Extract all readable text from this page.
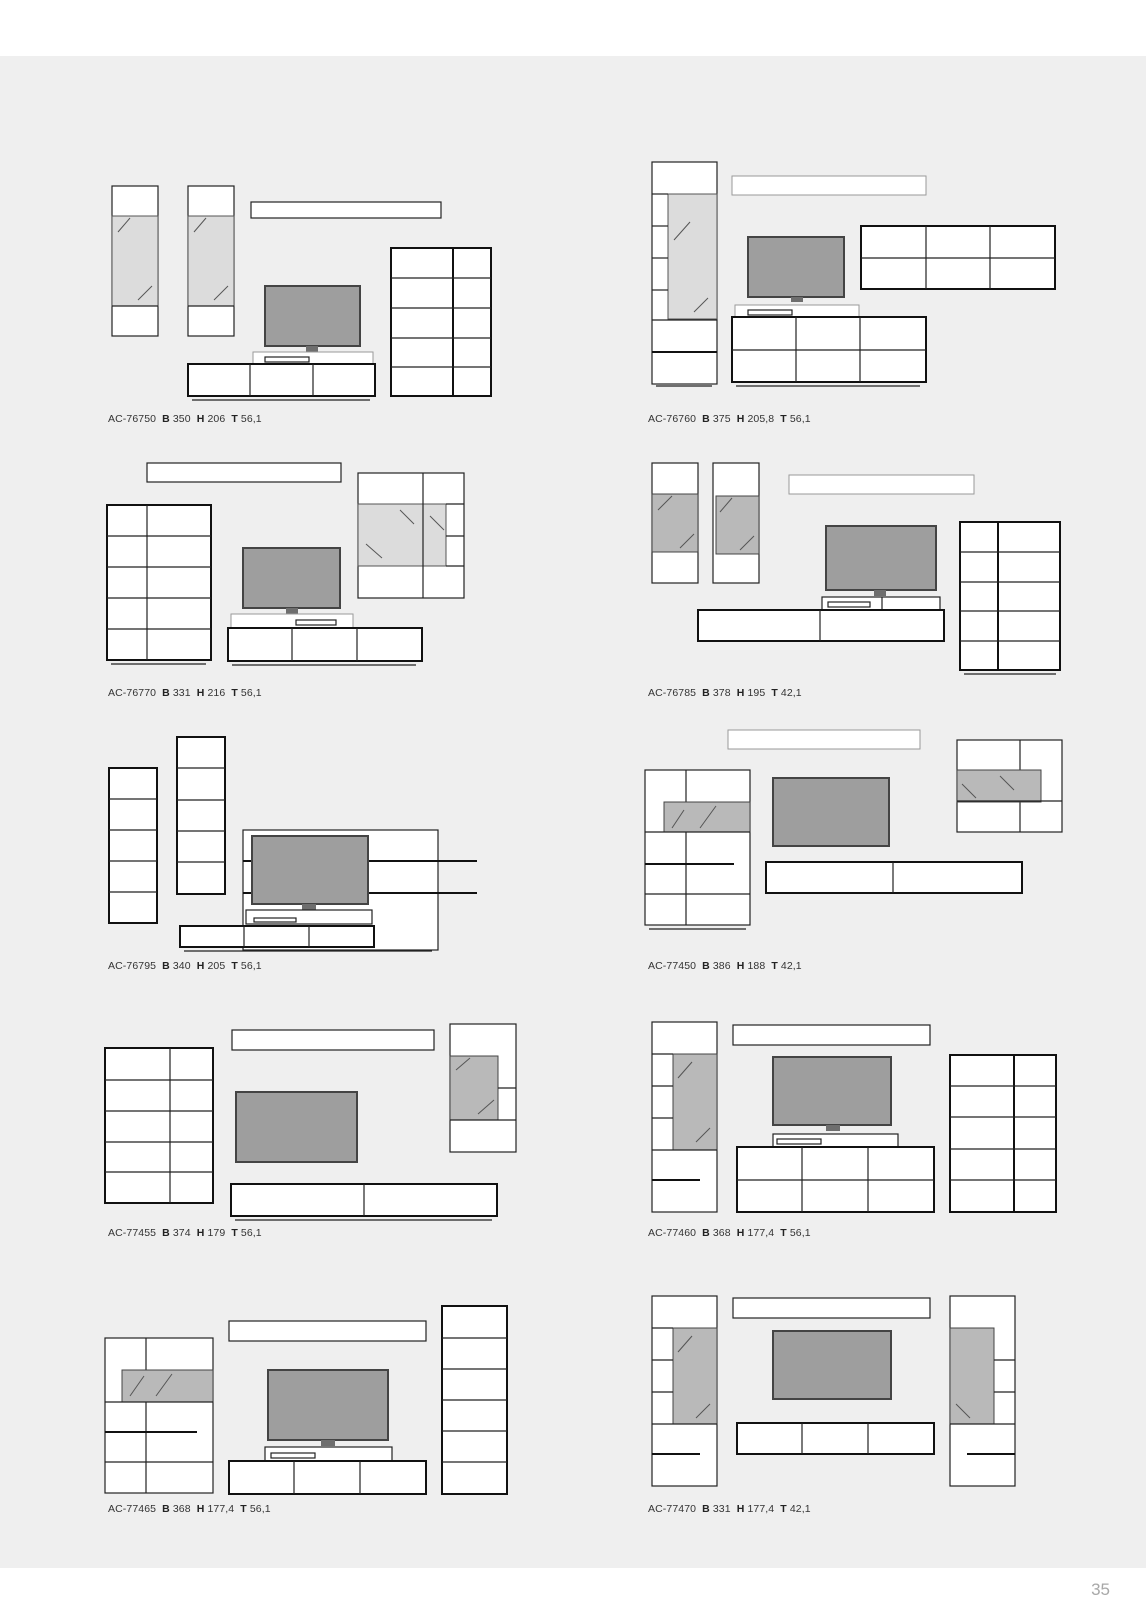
AC-76750 B 350 H 206 T 56,1	AC-76760 B 375 H 205,8 T 56,1
AC-76770 B 331 H 216 T 56,1	AC-76785 B 378 H 195 T 42,1
AC-76795 B 340 H 205 T 56,1	AC-77450 B 386 H 188 T 42,1
AC-77455 B 374 H 179 T 56,1	AC-77460 B 368 H 177,4 T 56,1
AC-77465 B 368 H 177,4 T 56,1	AC-77470 B 331 H 177,4 T 42,1
35
